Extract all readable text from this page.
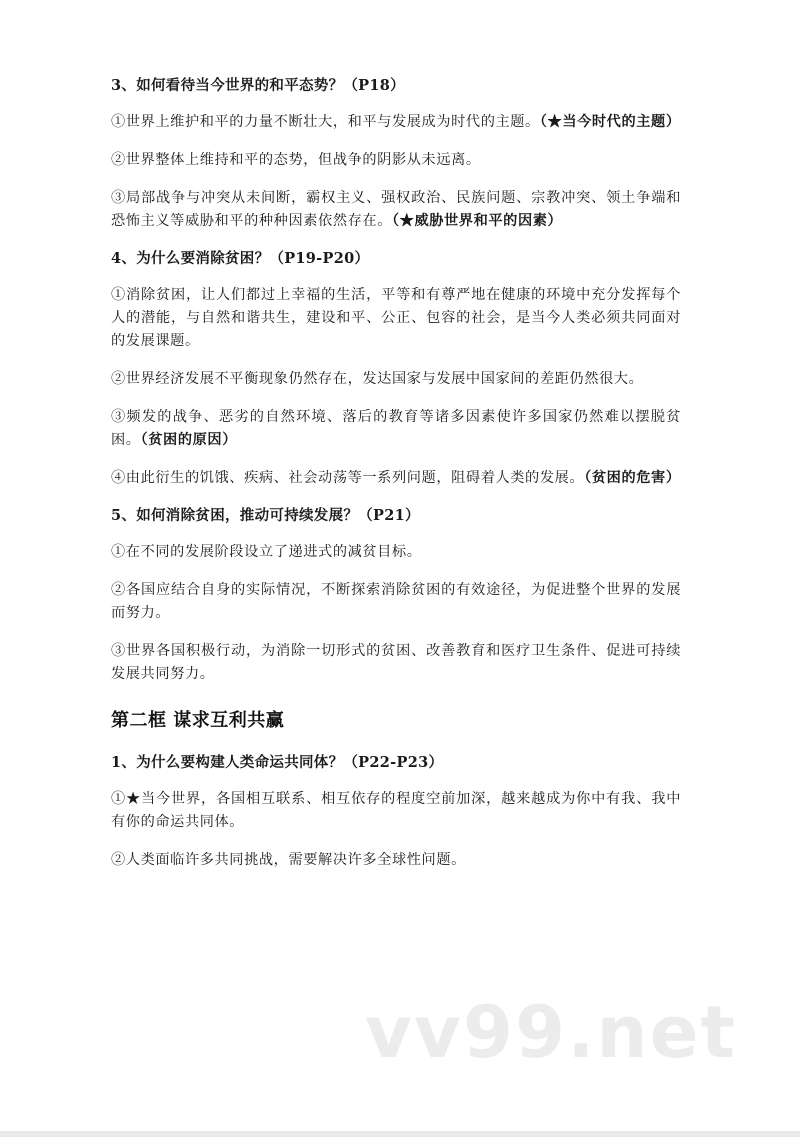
3、如何看待当今世界的和平态势？（P18）
①世界上维护和平的力量不断壮大，和平与发展成为时代的主题。（★当今时代的主题）
②世界整体上维持和平的态势，但战争的阴影从未远离。
③局部战争与冲突从未间断，霸权主义、强权政治、民族问题、宗教冲突、领土争端和恐怖主义等威胁和平的种种因素依然存在。（★威胁世界和平的因素）
4、为什么要消除贫困？（P19-P20）
①消除贫困，让人们都过上幸福的生活，平等和有尊严地在健康的环境中充分发挥每个人的潜能，与自然和谐共生，建设和平、公正、包容的社会，是当今人类必须共同面对的发展课题。
②世界经济发展不平衡现象仍然存在，发达国家与发展中国家间的差距仍然很大。
③频发的战争、恶劣的自然环境、落后的教育等诸多因素使许多国家仍然难以摆脱贫困。（贫困的原因）
④由此衍生的饥饿、疾病、社会动荡等一系列问题，阻碍着人类的发展。（贫困的危害）
5、如何消除贫困，推动可持续发展？（P21）
①在不同的发展阶段设立了递进式的减贫目标。
②各国应结合自身的实际情况，不断探索消除贫困的有效途径，为促进整个世界的发展而努力。
③世界各国积极行动，为消除一切形式的贫困、改善教育和医疗卫生条件、促进可持续发展共同努力。
第二框 谋求互利共赢
1、为什么要构建人类命运共同体？（P22-P23）
①★当今世界，各国相互联系、相互依存的程度空前加深，越来越成为你中有我、我中有你的命运共同体。
②人类面临许多共同挑战，需要解决许多全球性问题。
vv99.net
